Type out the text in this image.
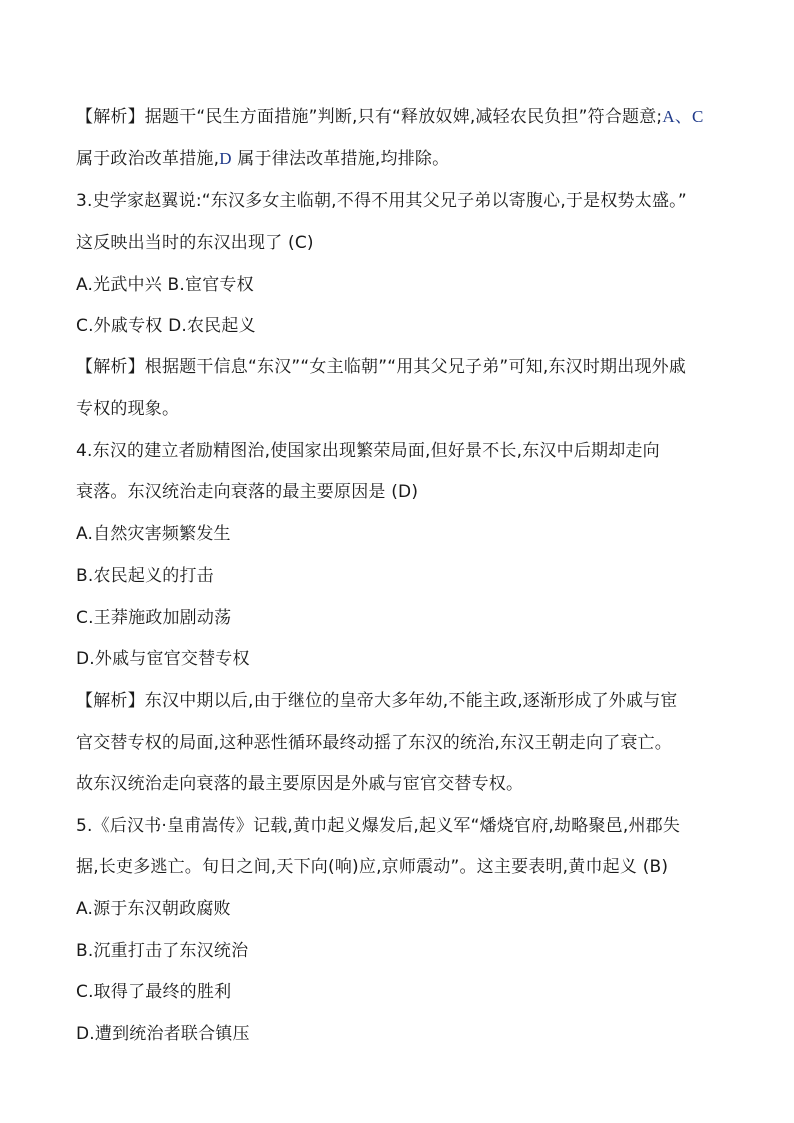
【解析】据题干“民生方面措施”判断,只有“释放奴婢,减轻农民负担”符合题意;A、C
属于政治改革措施,D 属于律法改革措施,均排除。
3.史学家赵翼说:“东汉多女主临朝,不得不用其父兄子弟以寄腹心,于是权势太盛。”
这反映出当时的东汉出现了 (C)
A.光武中兴 B.宦官专权
C.外戚专权 D.农民起义
【解析】根据题干信息“东汉”“女主临朝”“用其父兄子弟”可知,东汉时期出现外戚
专权的现象。
4.东汉的建立者励精图治,使国家出现繁荣局面,但好景不长,东汉中后期却走向
衰落。东汉统治走向衰落的最主要原因是 (D)
A.自然灾害频繁发生
B.农民起义的打击
C.王莽施政加剧动荡
D.外戚与宦官交替专权
【解析】东汉中期以后,由于继位的皇帝大多年幼,不能主政,逐渐形成了外戚与宦
官交替专权的局面,这种恶性循环最终动摇了东汉的统治,东汉王朝走向了衰亡。
故东汉统治走向衰落的最主要原因是外戚与宦官交替专权。
5.《后汉书·皇甫嵩传》记载,黄巾起义爆发后,起义军“燔烧官府,劫略聚邑,州郡失
据,长吏多逃亡。旬日之间,天下向(响)应,京师震动”。这主要表明,黄巾起义 (B)
A.源于东汉朝政腐败
B.沉重打击了东汉统治
C.取得了最终的胜利
D.遭到统治者联合镇压
